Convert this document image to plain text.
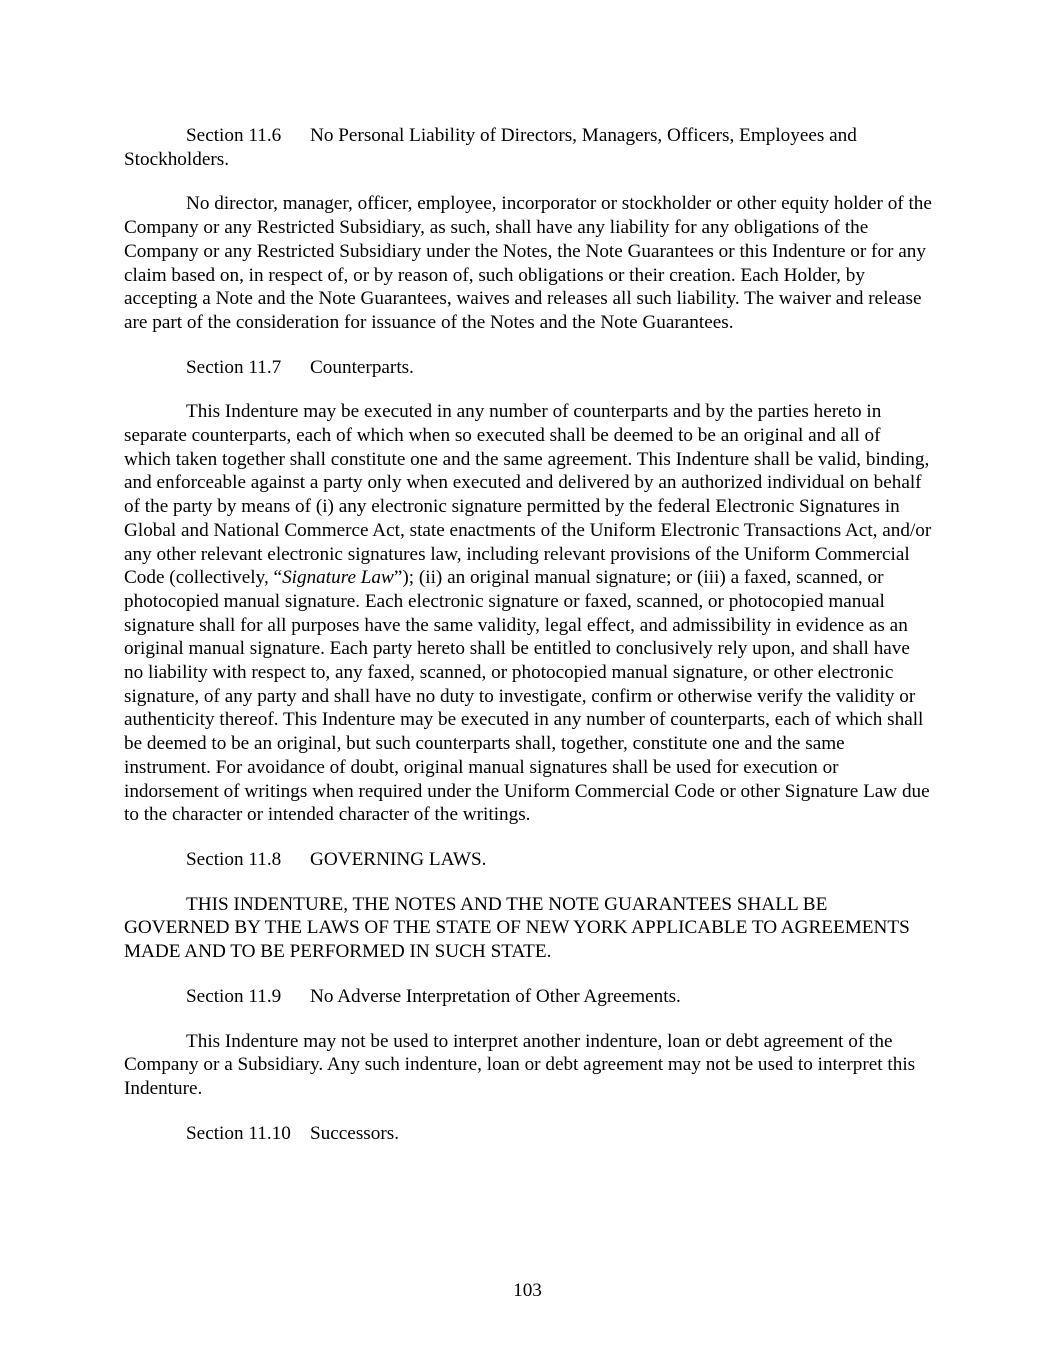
Section 11.6 No Personal Liability of Directors, Managers, Officers, Employees and Stockholders.

No director, manager, officer, employee, incorporator or stockholder or other equity holder of the Company or any Restricted Subsidiary, as such, shall have any liability for any obligations of the Company or any Restricted Subsidiary under the Notes, the Note Guarantees or this Indenture or for any claim based on, in respect of, or by reason of, such obligations or their creation. Each Holder, by accepting a Note and the Note Guarantees, waives and releases all such liability. The waiver and release are part of the consideration for issuance of the Notes and the Note Guarantees.

Section 11.7 Counterparts.

This Indenture may be executed in any number of counterparts and by the parties hereto in separate counterparts, each of which when so executed shall be deemed to be an original and all of which taken together shall constitute one and the same agreement. This Indenture shall be valid, binding, and enforceable against a party only when executed and delivered by an authorized individual on behalf of the party by means of (i) any electronic signature permitted by the federal Electronic Signatures in Global and National Commerce Act, state enactments of the Uniform Electronic Transactions Act, and/or any other relevant electronic signatures law, including relevant provisions of the Uniform Commercial Code (collectively, “Signature Law”); (ii) an original manual signature; or (iii) a faxed, scanned, or photocopied manual signature. Each electronic signature or faxed, scanned, or photocopied manual signature shall for all purposes have the same validity, legal effect, and admissibility in evidence as an original manual signature. Each party hereto shall be entitled to conclusively rely upon, and shall have no liability with respect to, any faxed, scanned, or photocopied manual signature, or other electronic signature, of any party and shall have no duty to investigate, confirm or otherwise verify the validity or authenticity thereof. This Indenture may be executed in any number of counterparts, each of which shall be deemed to be an original, but such counterparts shall, together, constitute one and the same instrument. For avoidance of doubt, original manual signatures shall be used for execution or indorsement of writings when required under the Uniform Commercial Code or other Signature Law due to the character or intended character of the writings.

Section 11.8 GOVERNING LAWS.

THIS INDENTURE, THE NOTES AND THE NOTE GUARANTEES SHALL BE GOVERNED BY THE LAWS OF THE STATE OF NEW YORK APPLICABLE TO AGREEMENTS MADE AND TO BE PERFORMED IN SUCH STATE.

Section 11.9 No Adverse Interpretation of Other Agreements.

This Indenture may not be used to interpret another indenture, loan or debt agreement of the Company or a Subsidiary. Any such indenture, loan or debt agreement may not be used to interpret this Indenture.

Section 11.10 Successors.

103
